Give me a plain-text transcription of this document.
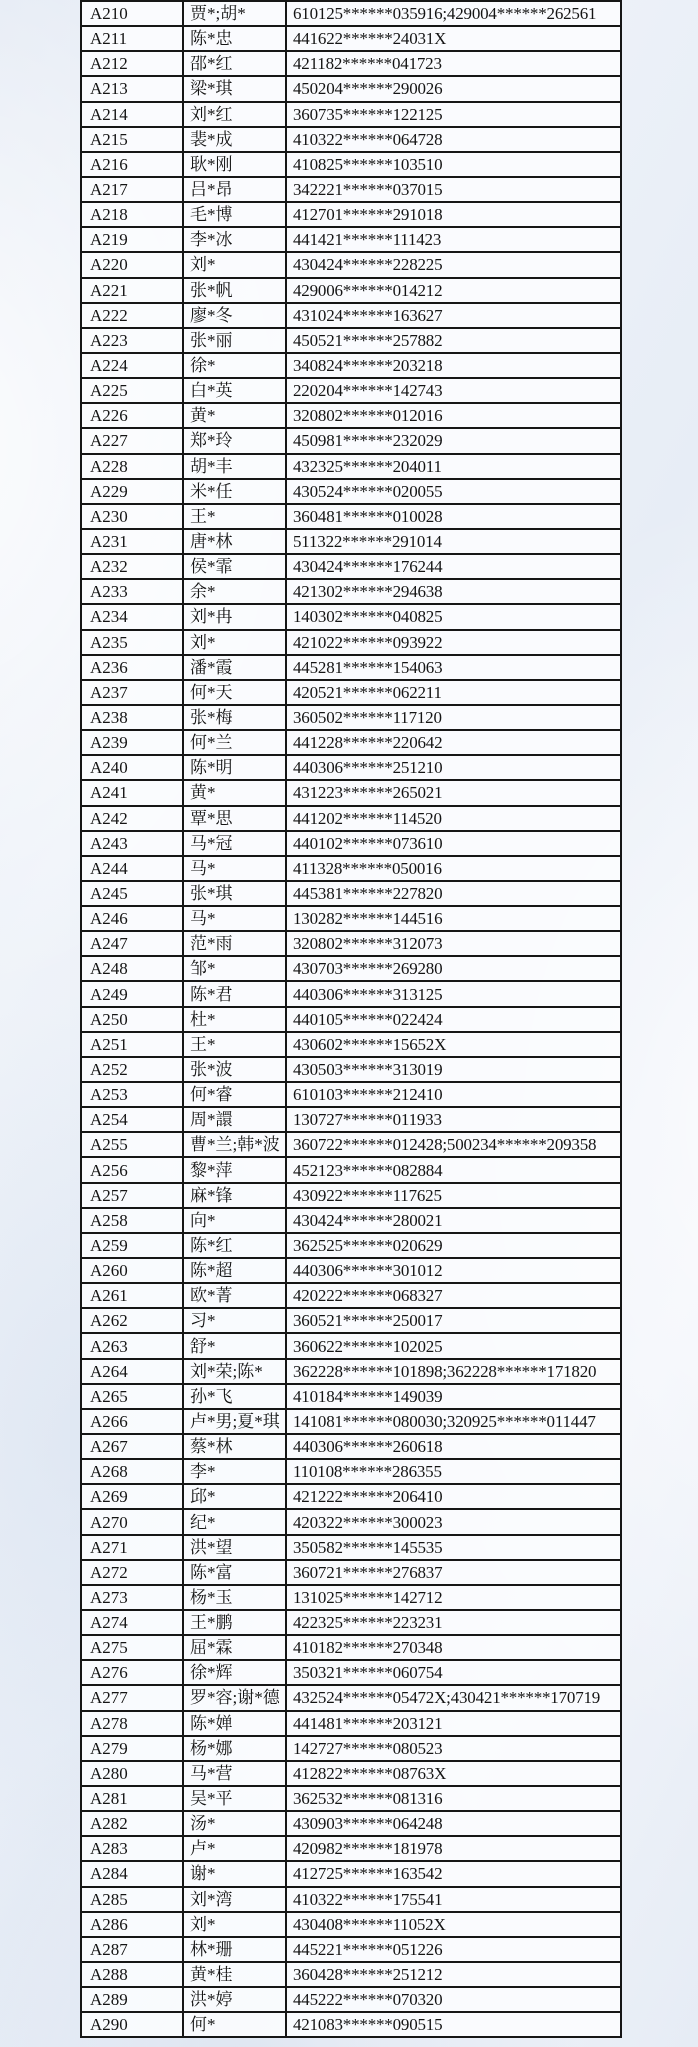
A210	贾*;胡*	610125******035916;429004******262561
A211	陈*忠	441622******24031X
A212	邵*红	421182******041723
A213	梁*琪	450204******290026
A214	刘*红	360735******122125
A215	裴*成	410322******064728
A216	耿*刚	410825******103510
A217	吕*昂	342221******037015
A218	毛*博	412701******291018
A219	李*冰	441421******111423
A220	刘*	430424******228225
A221	张*帆	429006******014212
A222	廖*冬	431024******163627
A223	张*丽	450521******257882
A224	徐*	340824******203218
A225	白*英	220204******142743
A226	黄*	320802******012016
A227	郑*玲	450981******232029
A228	胡*丰	432325******204011
A229	米*任	430524******020055
A230	王*	360481******010028
A231	唐*林	511322******291014
A232	侯*霏	430424******176244
A233	余*	421302******294638
A234	刘*冉	140302******040825
A235	刘*	421022******093922
A236	潘*霞	445281******154063
A237	何*天	420521******062211
A238	张*梅	360502******117120
A239	何*兰	441228******220642
A240	陈*明	440306******251210
A241	黄*	431223******265021
A242	覃*思	441202******114520
A243	马*冠	440102******073610
A244	马*	411328******050016
A245	张*琪	445381******227820
A246	马*	130282******144516
A247	范*雨	320802******312073
A248	邹*	430703******269280
A249	陈*君	440306******313125
A250	杜*	440105******022424
A251	王*	430602******15652X
A252	张*波	430503******313019
A253	何*睿	610103******212410
A254	周*譞	130727******011933
A255	曹*兰;韩*波	360722******012428;500234******209358
A256	黎*萍	452123******082884
A257	麻*锋	430922******117625
A258	向*	430424******280021
A259	陈*红	362525******020629
A260	陈*超	440306******301012
A261	欧*菁	420222******068327
A262	习*	360521******250017
A263	舒*	360622******102025
A264	刘*荣;陈*	362228******101898;362228******171820
A265	孙*飞	410184******149039
A266	卢*男;夏*琪	141081******080030;320925******011447
A267	蔡*林	440306******260618
A268	李*	110108******286355
A269	邱*	421222******206410
A270	纪*	420322******300023
A271	洪*望	350582******145535
A272	陈*富	360721******276837
A273	杨*玉	131025******142712
A274	王*鹏	422325******223231
A275	屈*霖	410182******270348
A276	徐*辉	350321******060754
A277	罗*容;谢*德	432524******05472X;430421******170719
A278	陈*婵	441481******203121
A279	杨*娜	142727******080523
A280	马*营	412822******08763X
A281	吴*平	362532******081316
A282	汤*	430903******064248
A283	卢*	420982******181978
A284	谢*	412725******163542
A285	刘*湾	410322******175541
A286	刘*	430408******11052X
A287	林*珊	445221******051226
A288	黄*桂	360428******251212
A289	洪*婷	445222******070320
A290	何*	421083******090515
